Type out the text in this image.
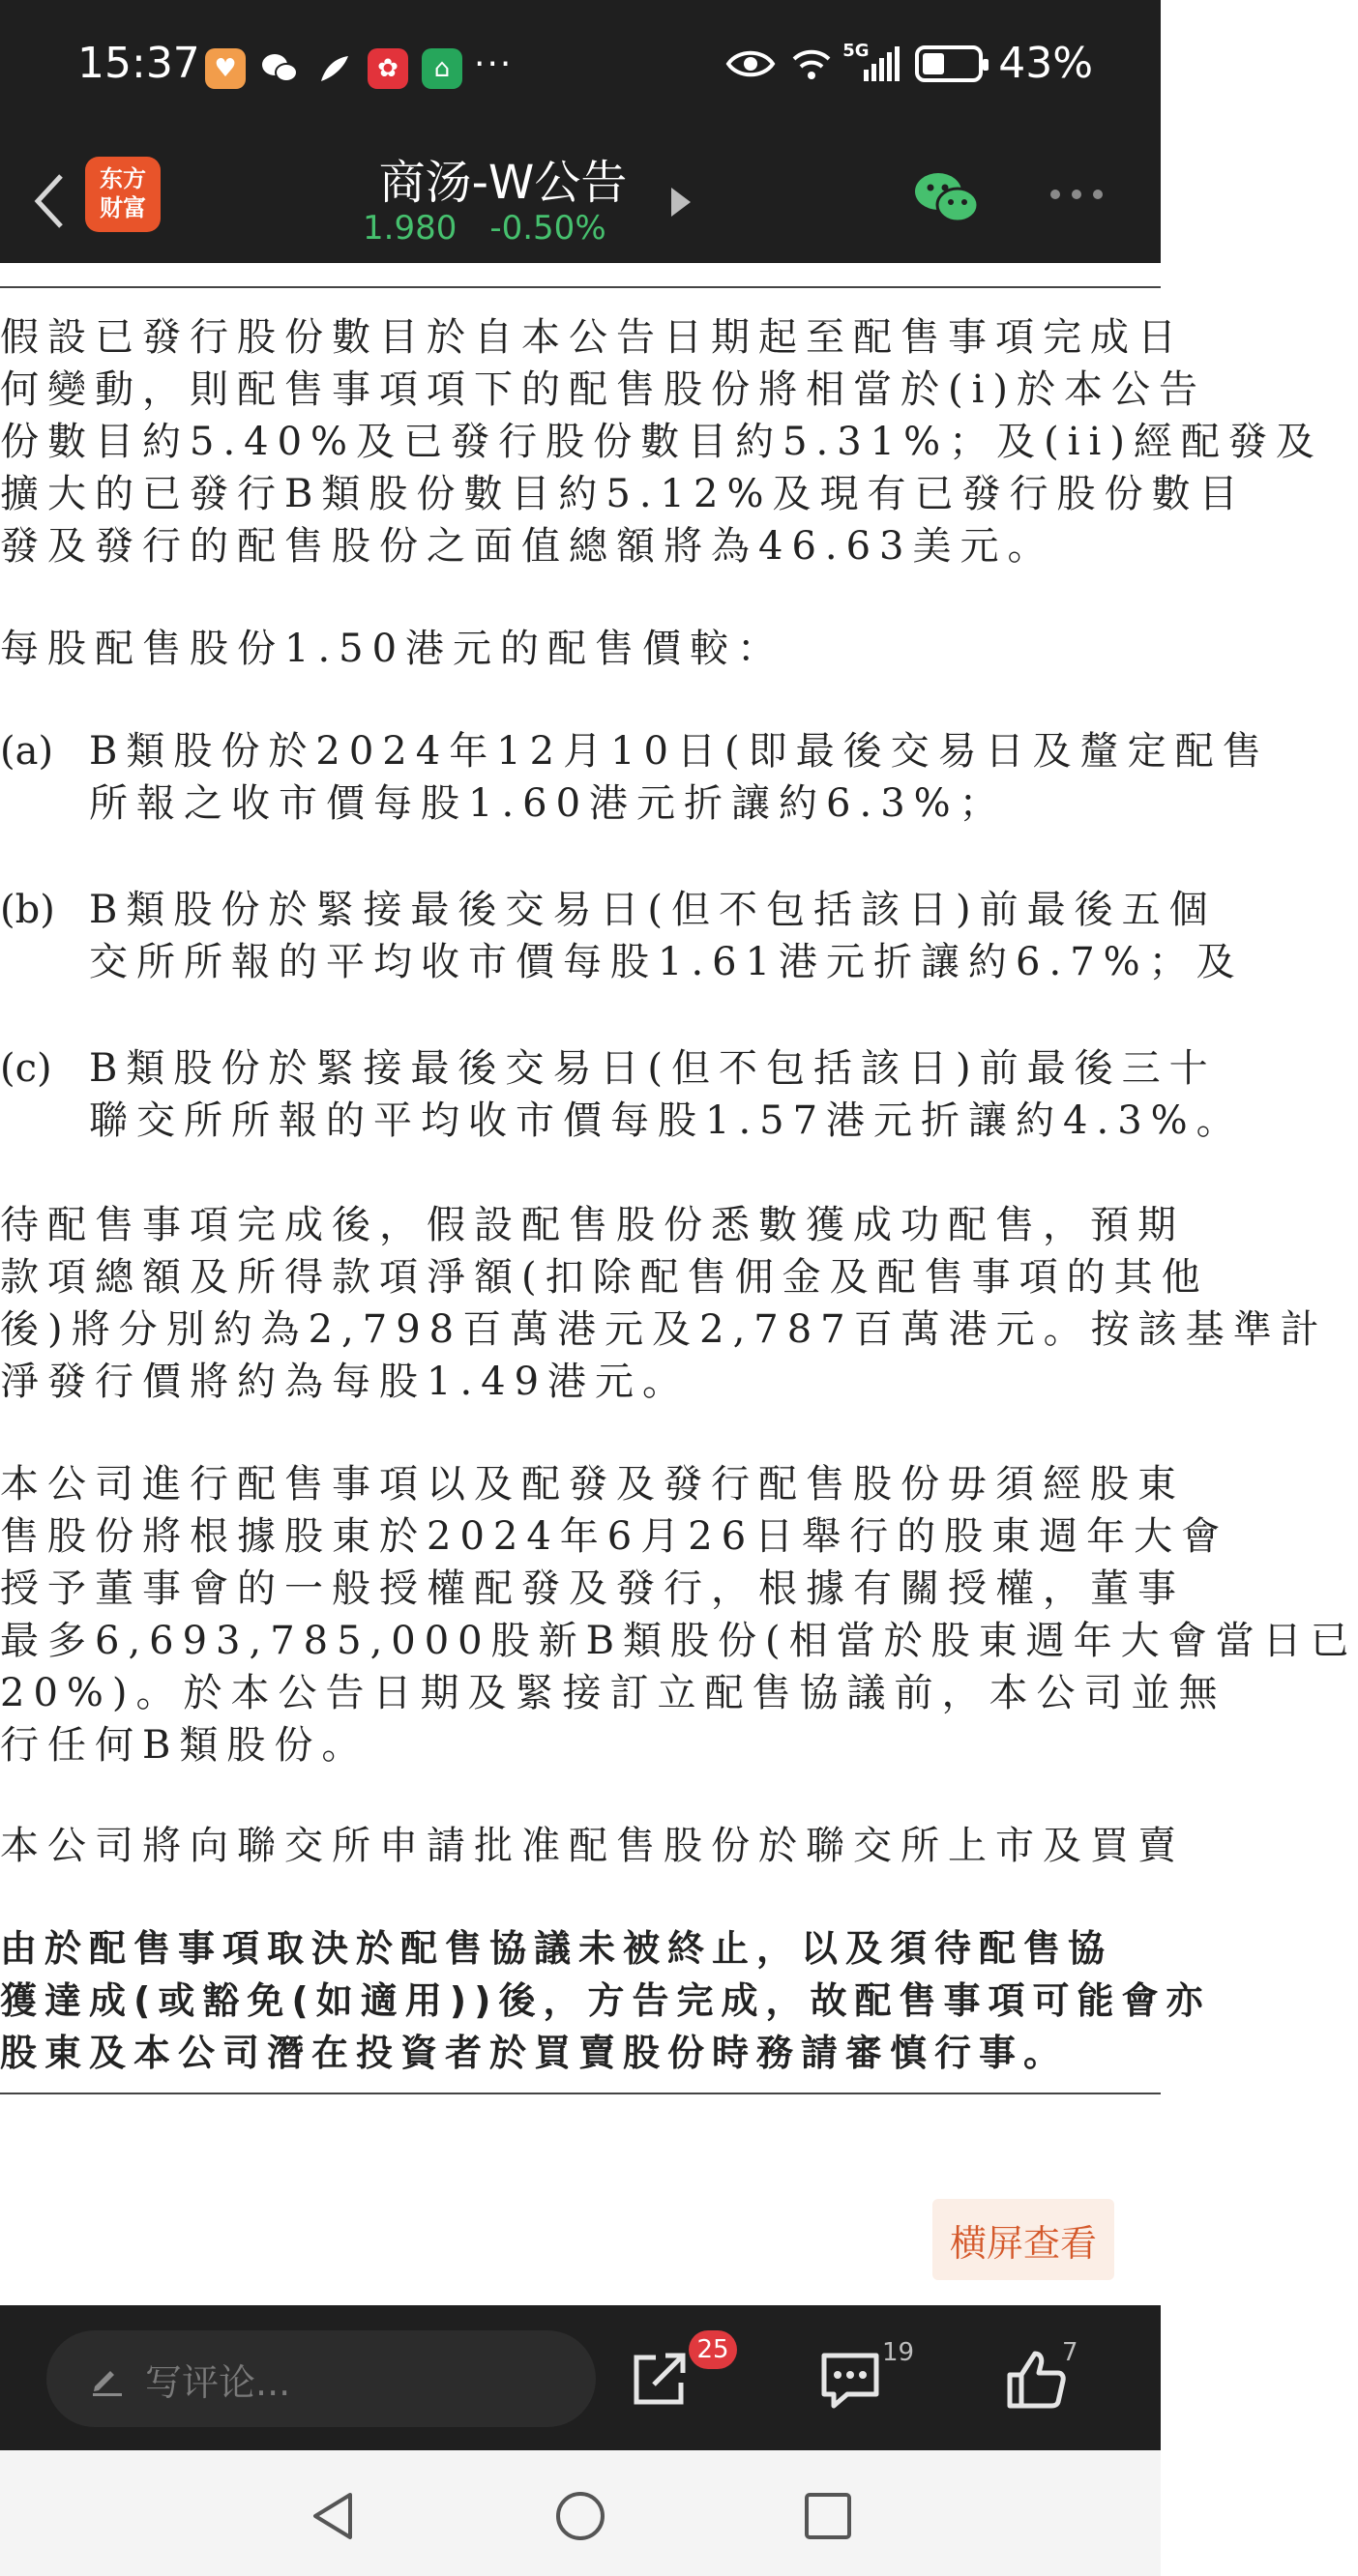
15:37 ♥	✿	⌂ ···	5G	43%
东方
财富	商汤-W公告
1.980 -0.50%
假設已發行股份數目於自本公告日期起至配售事項完成日
何變動，則配售事項項下的配售股份將相當於(i)於本公告
份數目約5.40%及已發行股份數目約5.31%；及(ii)經配發及
擴大的已發行B類股份數目約5.12%及現有已發行股份數目
發及發行的配售股份之面值總額將為46.63美元。
每股配售股份1.50港元的配售價較：
(a) B類股份於2024年12月10日(即最後交易日及釐定配售
所報之收市價每股1.60港元折讓約6.3%；
(b) B類股份於緊接最後交易日(但不包括該日)前最後五個
交所所報的平均收市價每股1.61港元折讓約6.7%；及
(c) B類股份於緊接最後交易日(但不包括該日)前最後三十
聯交所所報的平均收市價每股1.57港元折讓約4.3%。
待配售事項完成後，假設配售股份悉數獲成功配售，預期
款項總額及所得款項淨額(扣除配售佣金及配售事項的其他
後)將分別約為2,798百萬港元及2,787百萬港元。按該基準計
淨發行價將約為每股1.49港元。
本公司進行配售事項以及配發及發行配售股份毋須經股東
售股份將根據股東於2024年6月26日舉行的股東週年大會
授予董事會的一般授權配發及發行，根據有關授權，董事
最多6,693,785,000股新B類股份(相當於股東週年大會當日已
20%)。於本公告日期及緊接訂立配售協議前，本公司並無
行任何B類股份。
本公司將向聯交所申請批准配售股份於聯交所上市及買賣
由於配售事項取決於配售協議未被終止，以及須待配售協
獲達成(或豁免(如適用))後，方告完成，故配售事項可能會亦
股東及本公司潛在投資者於買賣股份時務請審慎行事。
横屏查看
写评论...
25	19	7
